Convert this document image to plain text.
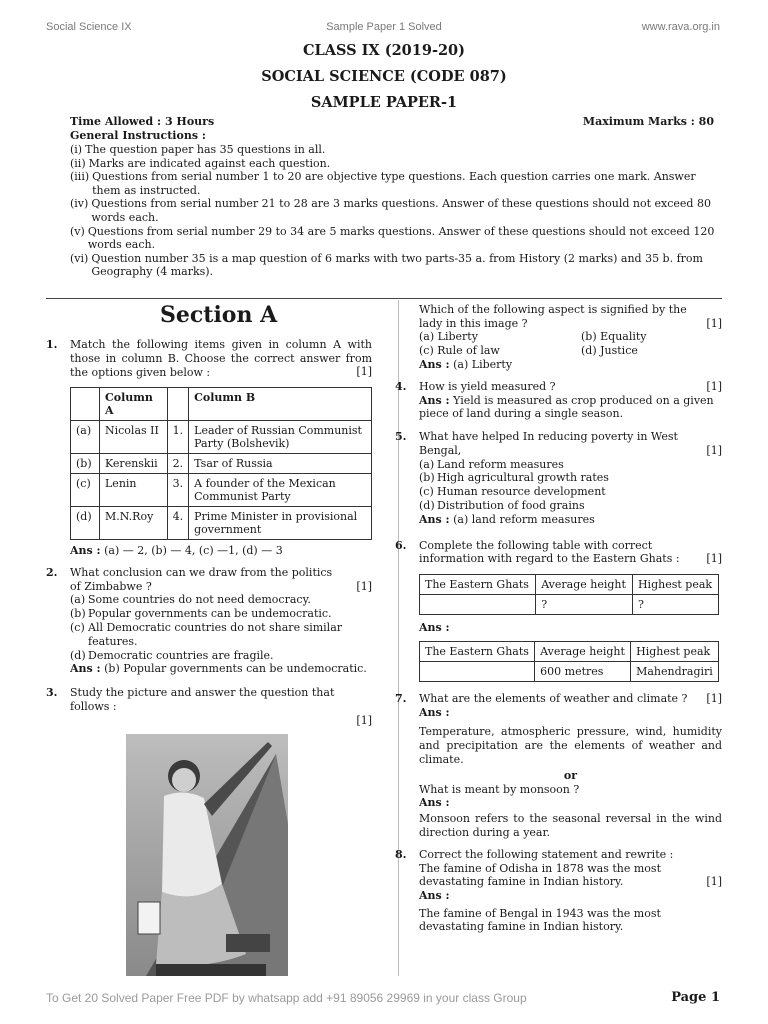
Social Science IX	Sample Paper 1 Solved	www.rava.org.in
CLASS IX (2019-20)
SOCIAL SCIENCE (CODE 087)
SAMPLE PAPER-1
Time Allowed : 3 Hours	Maximum Marks : 80
General Instructions :
(i) The question paper has 35 questions in all.
(ii) Marks are indicated against each question.
(iii) Questions from serial number 1 to 20 are objective type questions. Each question carries one mark. Answer them as instructed.
(iv) Questions from serial number 21 to 28 are 3 marks questions. Answer of these questions should not exceed 80 words each.
(v) Questions from serial number 29 to 34 are 5 marks questions. Answer of these questions should not exceed 120 words each.
(vi) Question number 35 is a map question of 6 marks with two parts-35 a. from History (2 marks) and 35 b. from Geography (4 marks).
Section A
1.	Match the following items given in column A with those in column B. Choose the correct answer from the options given below :	[1]
	Column A		Column B
(a)	Nicolas II	1.	Leader of Russian Communist Party (Bolshevik)
(b)	Kerenskii	2.	Tsar of Russia
(c)	Lenin	3.	A founder of the Mexican Communist Party
(d)	M.N.Roy	4.	Prime Minister in provisional government
Ans : (a) — 2, (b) — 4, (c) —1, (d) — 3
2.	What conclusion can we draw from the politics of Zimbabwe ?	[1]
(a) Some countries do not need democracy.
(b) Popular governments can be undemocratic.
(c) All Democratic countries do not share similar features.
(d) Democratic countries are fragile.
Ans : (b) Popular governments can be undemocratic.
3.	Study the picture and answer the question that follows :
[1]
Which of the following aspect is signified by the lady in this image ?	[1]
(a) Liberty	(b) Equality
(c) Rule of law	(d) Justice
Ans : (a) Liberty
4.	How is yield measured ?	[1]
Ans : Yield is measured as crop produced on a given piece of land during a single season.
5.	What have helped In reducing poverty in West Bengal,	[1]
(a) Land reform measures
(b) High agricultural growth rates
(c) Human resource development
(d) Distribution of food grains
Ans : (a) land reform measures
6.	Complete the following table with correct information with regard to the Eastern Ghats :	[1]
The Eastern Ghats	Average height	Highest peak
	?	?
Ans :
The Eastern Ghats	Average height	Highest peak
	600 metres	Mahendragiri
7.	What are the elements of weather and climate ? [1]
Ans :
Temperature, atmospheric pressure, wind, humidity and precipitation are the elements of weather and climate.
or
What is meant by monsoon ?
Ans :
Monsoon refers to the seasonal reversal in the wind direction during a year.
8.	Correct the following statement and rewrite :
The famine of Odisha in 1878 was the most devastating famine in Indian history.	[1]
Ans :
The famine of Bengal in 1943 was the most devastating famine in Indian history.
To Get 20 Solved Paper Free PDF by whatsapp add +91 89056 29969 in your class Group	Page 1
